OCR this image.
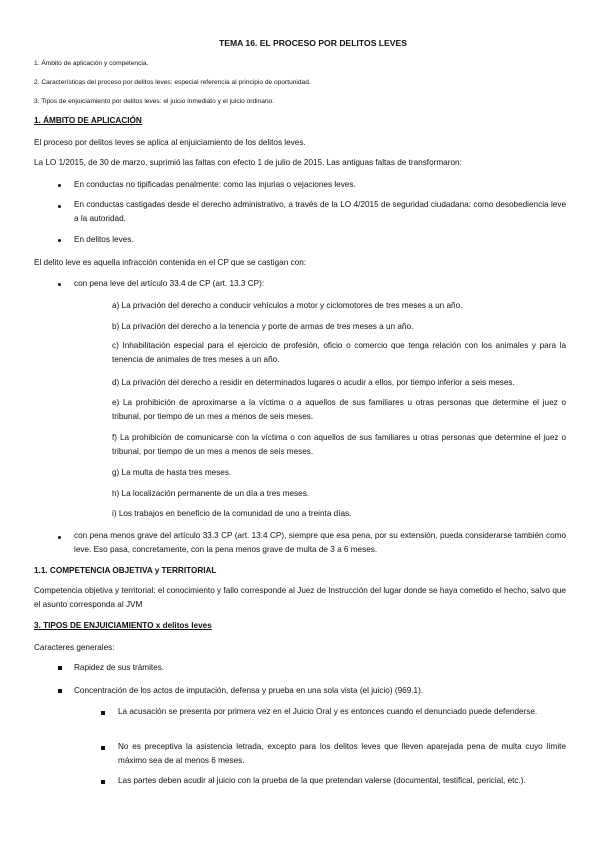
TEMA 16. EL PROCESO POR DELITOS LEVES
1. Ámbito de aplicación y competencia.
2. Características del proceso por delitos leves: especial referencia al principio de oportunidad.
3. Tipos de enjuiciamiento por delitos leves: el juicio inmediato y el juicio ordinario.
1. ÁMBITO DE APLICACIÓN
El proceso por delitos leves se aplica al enjuiciamiento de los delitos leves.
La LO 1/2015, de 30 de marzo, suprimió las faltas con efecto 1 de julio de 2015. Las antiguas faltas de transformaron:
En conductas no tipificadas penalmente: como las injurias o vejaciones leves.
En conductas castigadas desde el derecho administrativo, a través de la LO 4/2015 de seguridad ciudadana: como desobediencia leve a la autoridad.
En delitos leves.
El delito leve es aquella infracción contenida en el CP que se castigan con:
con pena leve del artículo 33.4 de CP (art. 13.3 CP):
a) La privación del derecho a conducir vehículos a motor y ciclomotores de tres meses a un año.
b) La privación del derecho a la tenencia y porte de armas de tres meses a un año.
c) Inhabilitación especial para el ejercicio de profesión, oficio o comercio que tenga relación con los animales y para la tenencia de animales de tres meses a un año.
d) La privación del derecho a residir en determinados lugares o acudir a ellos, por tiempo inferior a seis meses.
e) La prohibición de aproximarse a la víctima o a aquellos de sus familiares u otras personas que determine el juez o tribunal, por tiempo de un mes a menos de seis meses.
f) La prohibición de comunicarse con la víctima o con aquellos de sus familiares u otras personas que determine el juez o tribunal, por tiempo de un mes a menos de seis meses.
g) La multa de hasta tres meses.
h) La localización permanente de un día a tres meses.
i) Los trabajos en beneficio de la comunidad de uno a treinta días.
con pena menos grave del artículo 33.3 CP (art. 13.4 CP), siempre que esa pena, por su extensión, pueda considerarse también como leve. Eso pasa, concretamente, con la pena menos grave de multa de 3 a 6 meses.
1.1. COMPETENCIA OBJETIVA y TERRITORIAL
Competencia objetiva y territorial: el conocimiento y fallo corresponde al Juez de Instrucción del lugar donde se haya cometido el hecho, salvo que el asunto corresponda al JVM
3. TIPOS DE ENJUICIAMIENTO x delitos leves
Caracteres generales:
Rapidez de sus trámites.
Concentración de los actos de imputación, defensa y prueba en una sola vista (el juicio) (969.1).
La acusación se presenta por primera vez en el Juicio Oral y es entonces cuando el denunciado puede defenderse.
No es preceptiva la asistencia letrada, excepto para los delitos leves que lleven aparejada pena de multa cuyo límite máximo sea de al menos 6 meses.
Las partes deben acudir al juicio con la prueba de la que pretendan valerse (documental, testifical, pericial, etc.).
